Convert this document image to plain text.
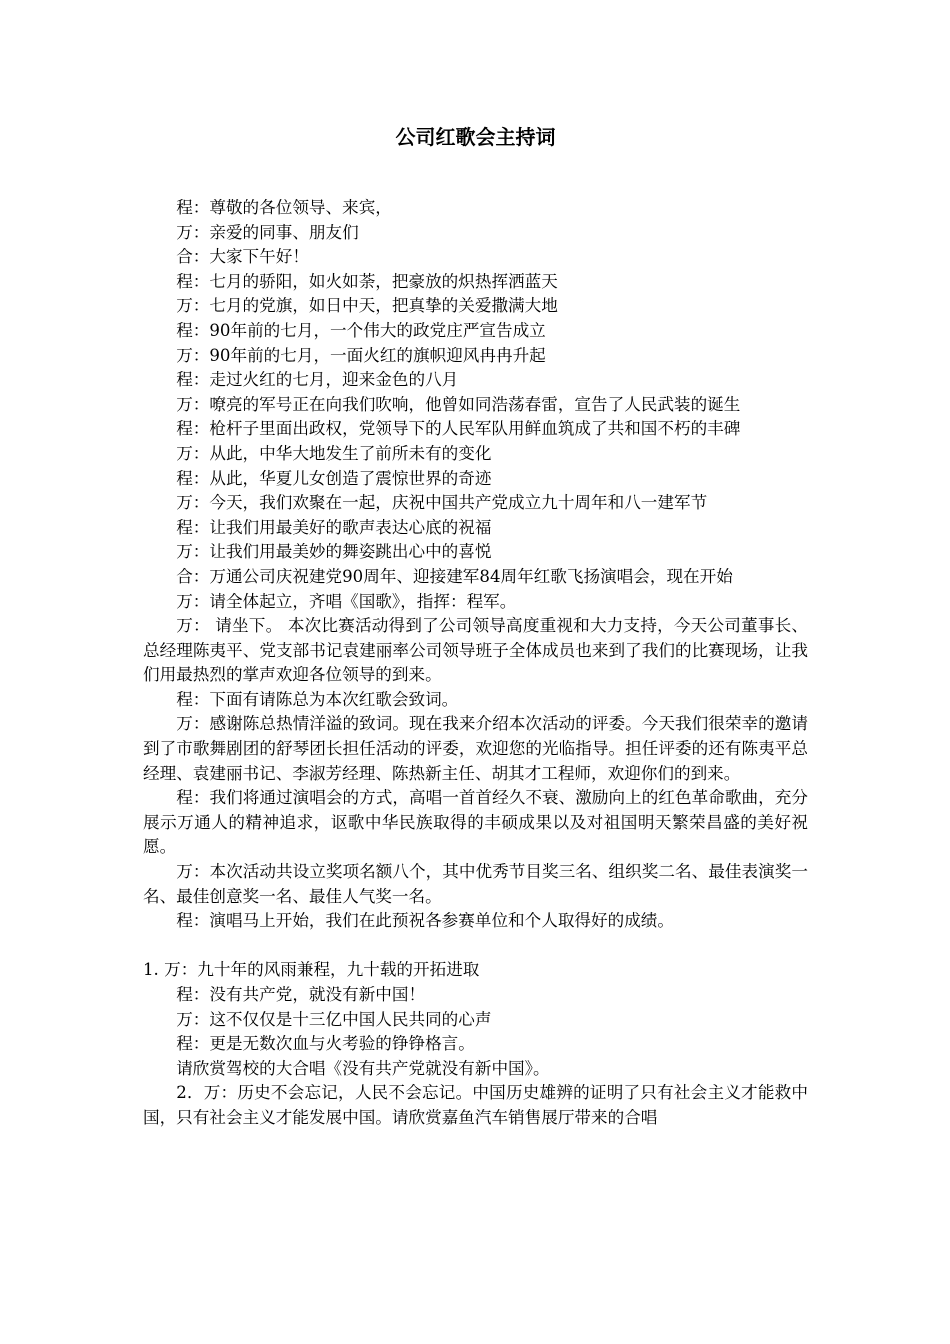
公司红歌会主持词

程：尊敬的各位领导、来宾，

万：亲爱的同事、朋友们

合：大家下午好！

程：七月的骄阳，如火如荼，把豪放的炽热挥洒蓝天

万：七月的党旗，如日中天，把真挚的关爱撒满大地

程：90年前的七月，一个伟大的政党庄严宣告成立

万：90年前的七月，一面火红的旗帜迎风冉冉升起

程：走过火红的七月，迎来金色的八月

万：嘹亮的军号正在向我们吹响，他曾如同浩荡春雷，宣告了人民武装的诞生

程：枪杆子里面出政权，党领导下的人民军队用鲜血筑成了共和国不朽的丰碑

万：从此，中华大地发生了前所未有的变化

程：从此，华夏儿女创造了震惊世界的奇迹

万：今天，我们欢聚在一起，庆祝中国共产党成立九十周年和八一建军节

程：让我们用最美好的歌声表达心底的祝福

万：让我们用最美妙的舞姿跳出心中的喜悦

合：万通公司庆祝建党90周年、迎接建军84周年红歌飞扬演唱会，现在开始

万：请全体起立，齐唱《国歌》，指挥：程军。

万： 请坐下。 本次比赛活动得到了公司领导高度重视和大力支持，今天公司董事长、总经理陈夷平、党支部书记袁建丽率公司领导班子全体成员也来到了我们的比赛现场，让我们用最热烈的掌声欢迎各位领导的到来。

程：下面有请陈总为本次红歌会致词。

万：感谢陈总热情洋溢的致词。现在我来介绍本次活动的评委。今天我们很荣幸的邀请到了市歌舞剧团的舒琴团长担任活动的评委，欢迎您的光临指导。担任评委的还有陈夷平总经理、袁建丽书记、李淑芳经理、陈热新主任、胡其才工程师，欢迎你们的到来。

程：我们将通过演唱会的方式，高唱一首首经久不衰、激励向上的红色革命歌曲，充分展示万通人的精神追求，讴歌中华民族取得的丰硕成果以及对祖国明天繁荣昌盛的美好祝愿。

万：本次活动共设立奖项名额八个，其中优秀节目奖三名、组织奖二名、最佳表演奖一名、最佳创意奖一名、最佳人气奖一名。

程：演唱马上开始，我们在此预祝各参赛单位和个人取得好的成绩。

1. 万：九十年的风雨兼程，九十载的开拓进取

程：没有共产党，就没有新中国！

万：这不仅仅是十三亿中国人民共同的心声

程：更是无数次血与火考验的铮铮格言。

请欣赏驾校的大合唱《没有共产党就没有新中国》。

2．万：历史不会忘记，人民不会忘记。中国历史雄辨的证明了只有社会主义才能救中国，只有社会主义才能发展中国。请欣赏嘉鱼汽车销售展厅带来的合唱
